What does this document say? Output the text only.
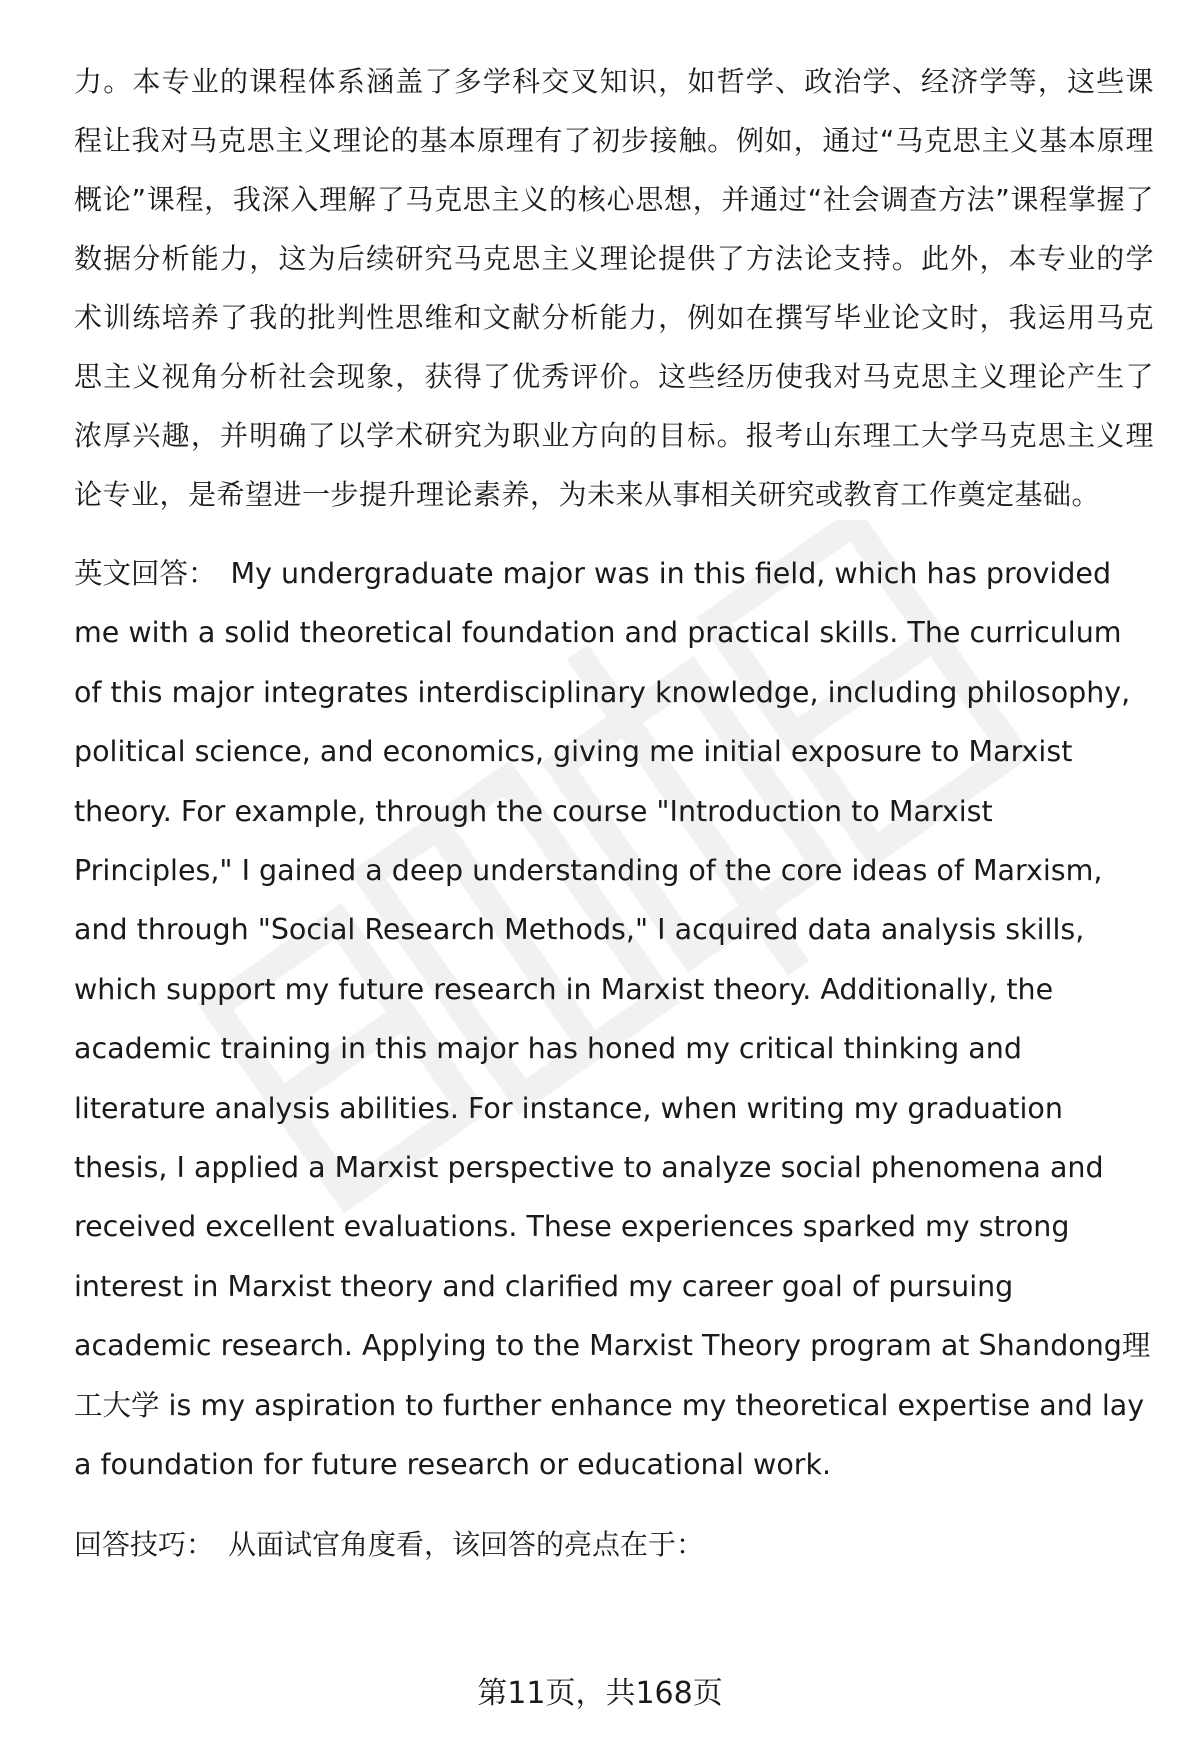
力。本专业的课程体系涵盖了多学科交叉知识，如哲学、政治学、经济学等，这些课程让我对马克思主义理论的基本原理有了初步接触。例如，通过“马克思主义基本原理概论”课程，我深入理解了马克思主义的核心思想，并通过“社会调查方法”课程掌握了数据分析能力，这为后续研究马克思主义理论提供了方法论支持。此外，本专业的学术训练培养了我的批判性思维和文献分析能力，例如在撰写毕业论文时，我运用马克思主义视角分析社会现象，获得了优秀评价。这些经历使我对马克思主义理论产生了浓厚兴趣，并明确了以学术研究为职业方向的目标。报考山东理工大学马克思主义理论专业，是希望进一步提升理论素养，为未来从事相关研究或教育工作奠定基础。

英文回答： My undergraduate major was in this field, which has provided me with a solid theoretical foundation and practical skills. The curriculum of this major integrates interdisciplinary knowledge, including philosophy, political science, and economics, giving me initial exposure to Marxist theory. For example, through the course "Introduction to Marxist Principles," I gained a deep understanding of the core ideas of Marxism, and through "Social Research Methods," I acquired data analysis skills, which support my future research in Marxist theory. Additionally, the academic training in this major has honed my critical thinking and literature analysis abilities. For instance, when writing my graduation thesis, I applied a Marxist perspective to analyze social phenomena and received excellent evaluations. These experiences sparked my strong interest in Marxist theory and clarified my career goal of pursuing academic research. Applying to the Marxist Theory program at Shandong理工大学 is my aspiration to further enhance my theoretical expertise and lay a foundation for future research or educational work.

回答技巧： 从面试官角度看，该回答的亮点在于：

第11页，共168页
